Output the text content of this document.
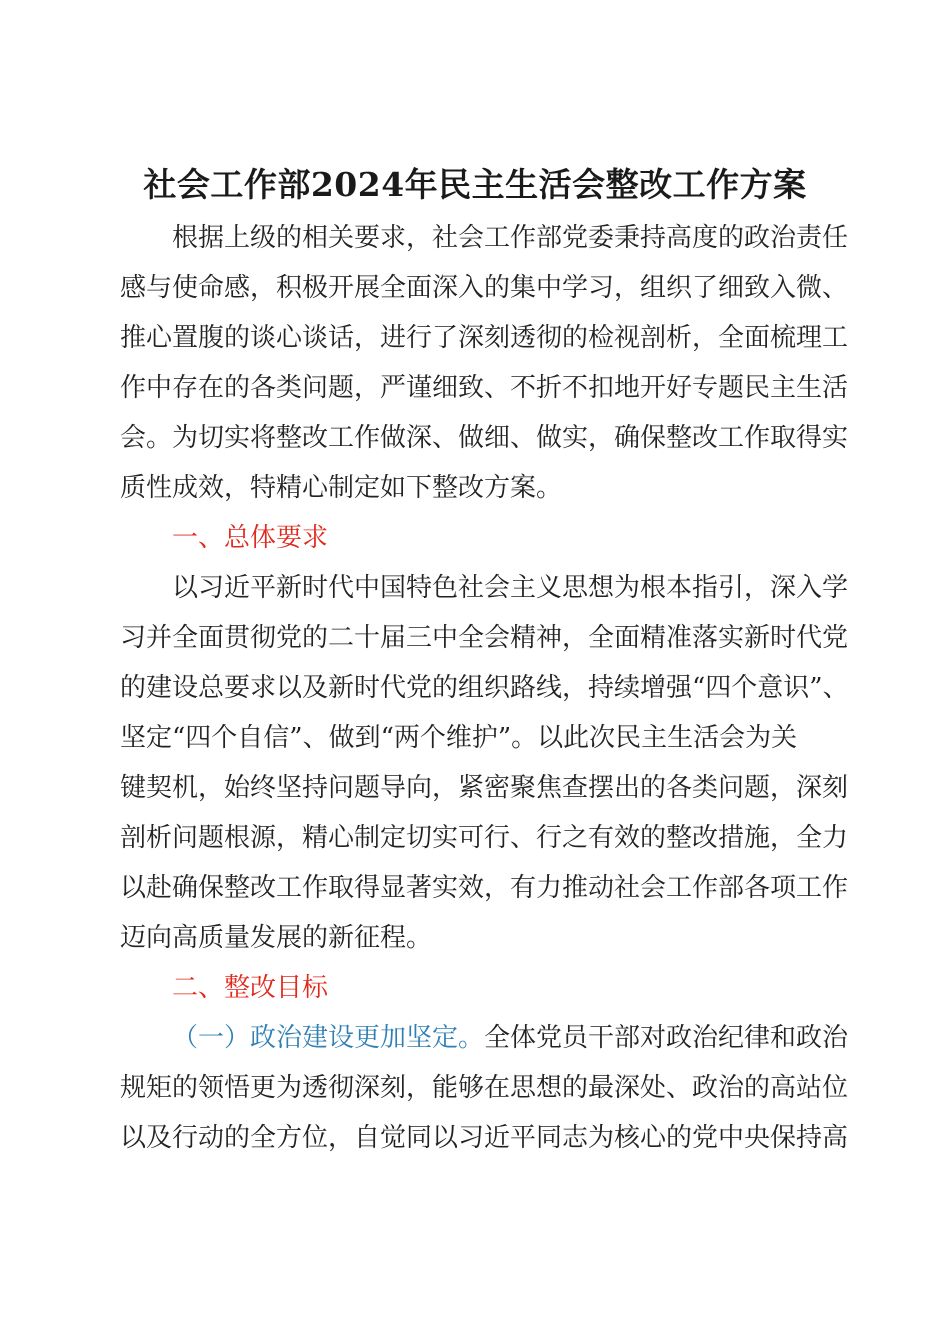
社会工作部2024年民主生活会整改工作方案
根据上级的相关要求，社会工作部党委秉持高度的政治责任
感与使命感，积极开展全面深入的集中学习，组织了细致入微、
推心置腹的谈心谈话，进行了深刻透彻的检视剖析，全面梳理工
作中存在的各类问题，严谨细致、不折不扣地开好专题民主生活
会。为切实将整改工作做深、做细、做实，确保整改工作取得实
质性成效，特精心制定如下整改方案。
一、总体要求
以习近平新时代中国特色社会主义思想为根本指引，深入学
习并全面贯彻党的二十届三中全会精神，全面精准落实新时代党
的建设总要求以及新时代党的组织路线，持续增强“四个意识”、
坚定“四个自信”、做到“两个维护”。以此次民主生活会为关
键契机，始终坚持问题导向，紧密聚焦查摆出的各类问题，深刻
剖析问题根源，精心制定切实可行、行之有效的整改措施，全力
以赴确保整改工作取得显著实效，有力推动社会工作部各项工作
迈向高质量发展的新征程。
二、整改目标
（一）政治建设更加坚定。全体党员干部对政治纪律和政治
规矩的领悟更为透彻深刻，能够在思想的最深处、政治的高站位
以及行动的全方位，自觉同以习近平同志为核心的党中央保持高
